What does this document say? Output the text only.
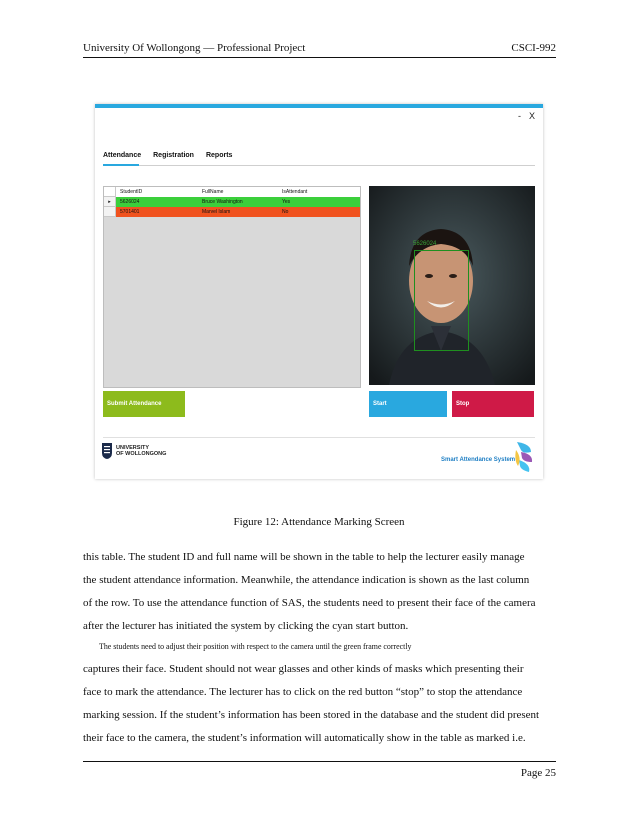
University Of Wollongong — Professional Project	CSCI-992
- X
Attendance Registration Reports
StudentID	FullName	IsAttendant
▸	5626024	Bruce Washington	Yes
5701401	Marvel Islam	No
5626024
Submit Attendance	Start	Stop
UNIVERSITY
OF WOLLONGONG
Smart Attendance System
Figure 12: Attendance Marking Screen
this table. The student ID and full name will be shown in the table to help the lecturer easily manage
the student attendance information. Meanwhile, the attendance indication is shown as the last column
of the row. To use the attendance function of SAS, the students need to present their face of the camera
after the lecturer has initiated the system by clicking the cyan start button.
The students need to adjust their position with respect to the camera until the green frame correctly
captures their face. Student should not wear glasses and other kinds of masks which presenting their
face to mark the attendance. The lecturer has to click on the red button “stop” to stop the attendance
marking session. If the student’s information has been stored in the database and the student did present
their face to the camera, the student’s information will automatically show in the table as marked i.e.
Page 25
